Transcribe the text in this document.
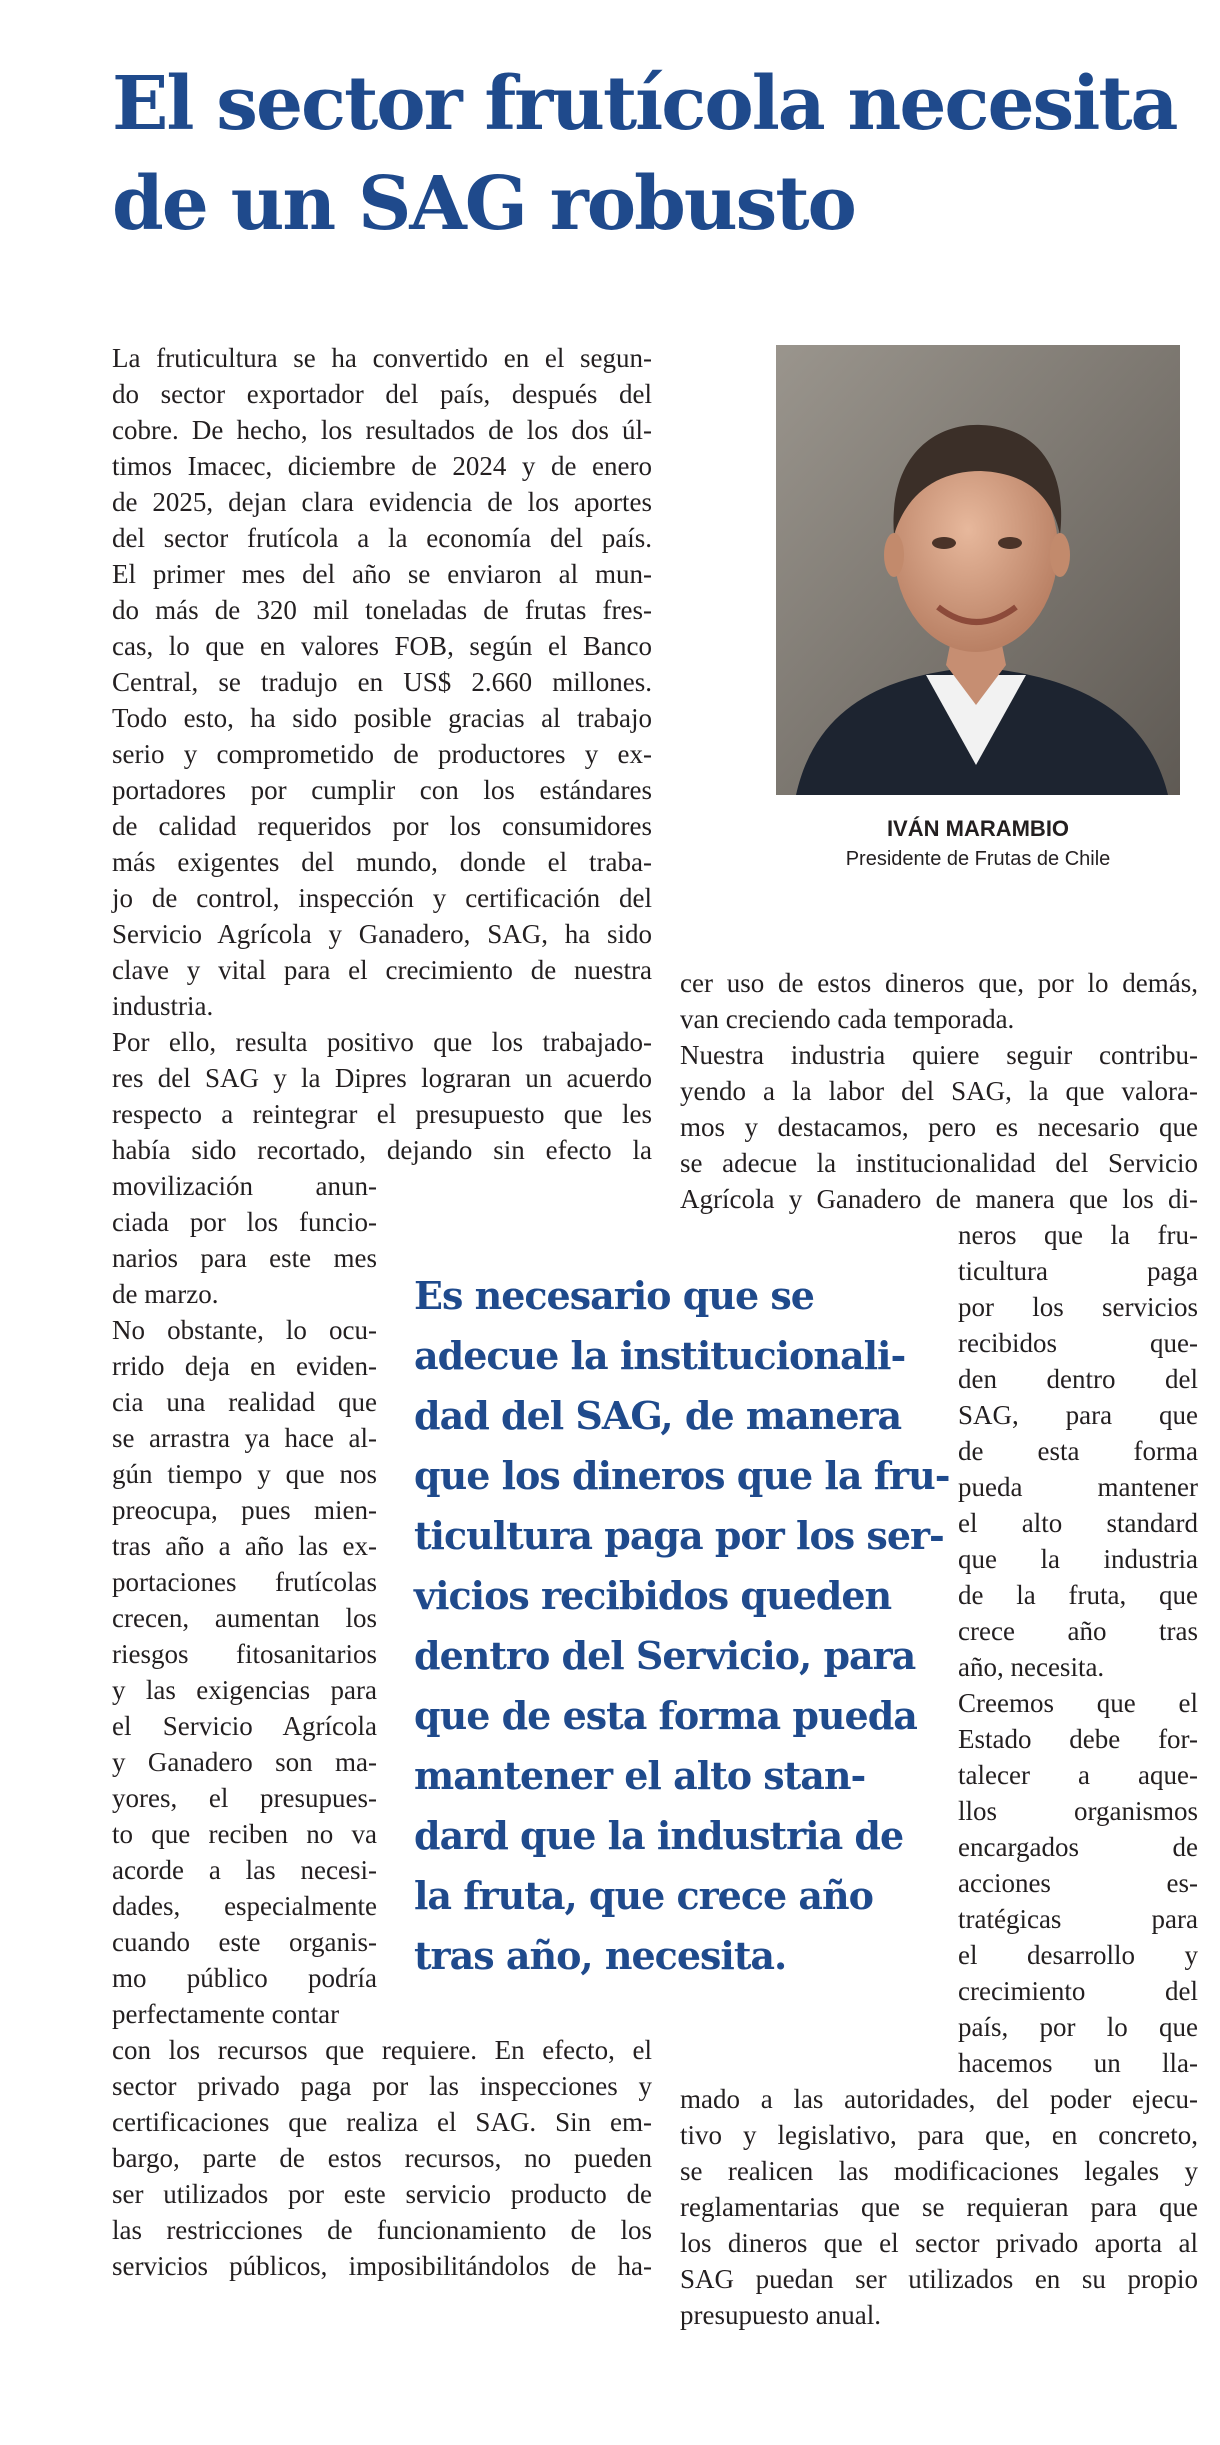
El sector frutícola necesita
de un SAG robusto
IVÁN MARAMBIO
Presidente de Frutas de Chile
La fruticultura se ha convertido en el segun-
do sector exportador del país, después del
cobre. De hecho, los resultados de los dos úl-
timos Imacec, diciembre de 2024 y de enero
de 2025, dejan clara evidencia de los aportes
del sector frutícola a la economía del país.
El primer mes del año se enviaron al mun-
do más de 320 mil toneladas de frutas fres-
cas, lo que en valores FOB, según el Banco
Central, se tradujo en US$ 2.660 millones.
Todo esto, ha sido posible gracias al trabajo
serio y comprometido de productores y ex-
portadores por cumplir con los estándares
de calidad requeridos por los consumidores
más exigentes del mundo, donde el traba-
jo de control, inspección y certificación del
Servicio Agrícola y Ganadero, SAG, ha sido
clave y vital para el crecimiento de nuestra
industria.
Por ello, resulta positivo que los trabajado-
res del SAG y la Dipres lograran un acuerdo
respecto a reintegrar el presupuesto que les
había sido recortado, dejando sin efecto la
movilización anun-
ciada por los funcio-
narios para este mes
de marzo.
No obstante, lo ocu-
rrido deja en eviden-
cia una realidad que
se arrastra ya hace al-
gún tiempo y que nos
preocupa, pues mien-
tras año a año las ex-
portaciones frutícolas
crecen, aumentan los
riesgos fitosanitarios
y las exigencias para
el Servicio Agrícola
y Ganadero son ma-
yores, el presupues-
to que reciben no va
acorde a las necesi-
dades, especialmente
cuando este organis-
mo público podría
perfectamente contar
con los recursos que requiere. En efecto, el
sector privado paga por las inspecciones y
certificaciones que realiza el SAG. Sin em-
bargo, parte de estos recursos, no pueden
ser utilizados por este servicio producto de
las restricciones de funcionamiento de los
servicios públicos, imposibilitándolos de ha-
cer uso de estos dineros que, por lo demás,
van creciendo cada temporada.
Nuestra industria quiere seguir contribu-
yendo a la labor del SAG, la que valora-
mos y destacamos, pero es necesario que
se adecue la institucionalidad del Servicio
Agrícola y Ganadero de manera que los di-
neros que la fru-
ticultura paga
por los servicios
recibidos que-
den dentro del
SAG, para que
de esta forma
pueda mantener
el alto standard
que la industria
de la fruta, que
crece año tras
año, necesita.
Creemos que el
Estado debe for-
talecer a aque-
llos organismos
encargados de
acciones es-
tratégicas para
el desarrollo y
crecimiento del
país, por lo que
hacemos un lla-
mado a las autoridades, del poder ejecu-
tivo y legislativo, para que, en concreto,
se realicen las modificaciones legales y
reglamentarias que se requieran para que
los dineros que el sector privado aporta al
SAG puedan ser utilizados en su propio
presupuesto anual.
Es necesario que se
adecue la institucionali-
dad del SAG, de manera
que los dineros que la fru-
ticultura paga por los ser-
vicios recibidos queden
dentro del Servicio, para
que de esta forma pueda
mantener el alto stan-
dard que la industria de
la fruta, que crece año
tras año, necesita.
